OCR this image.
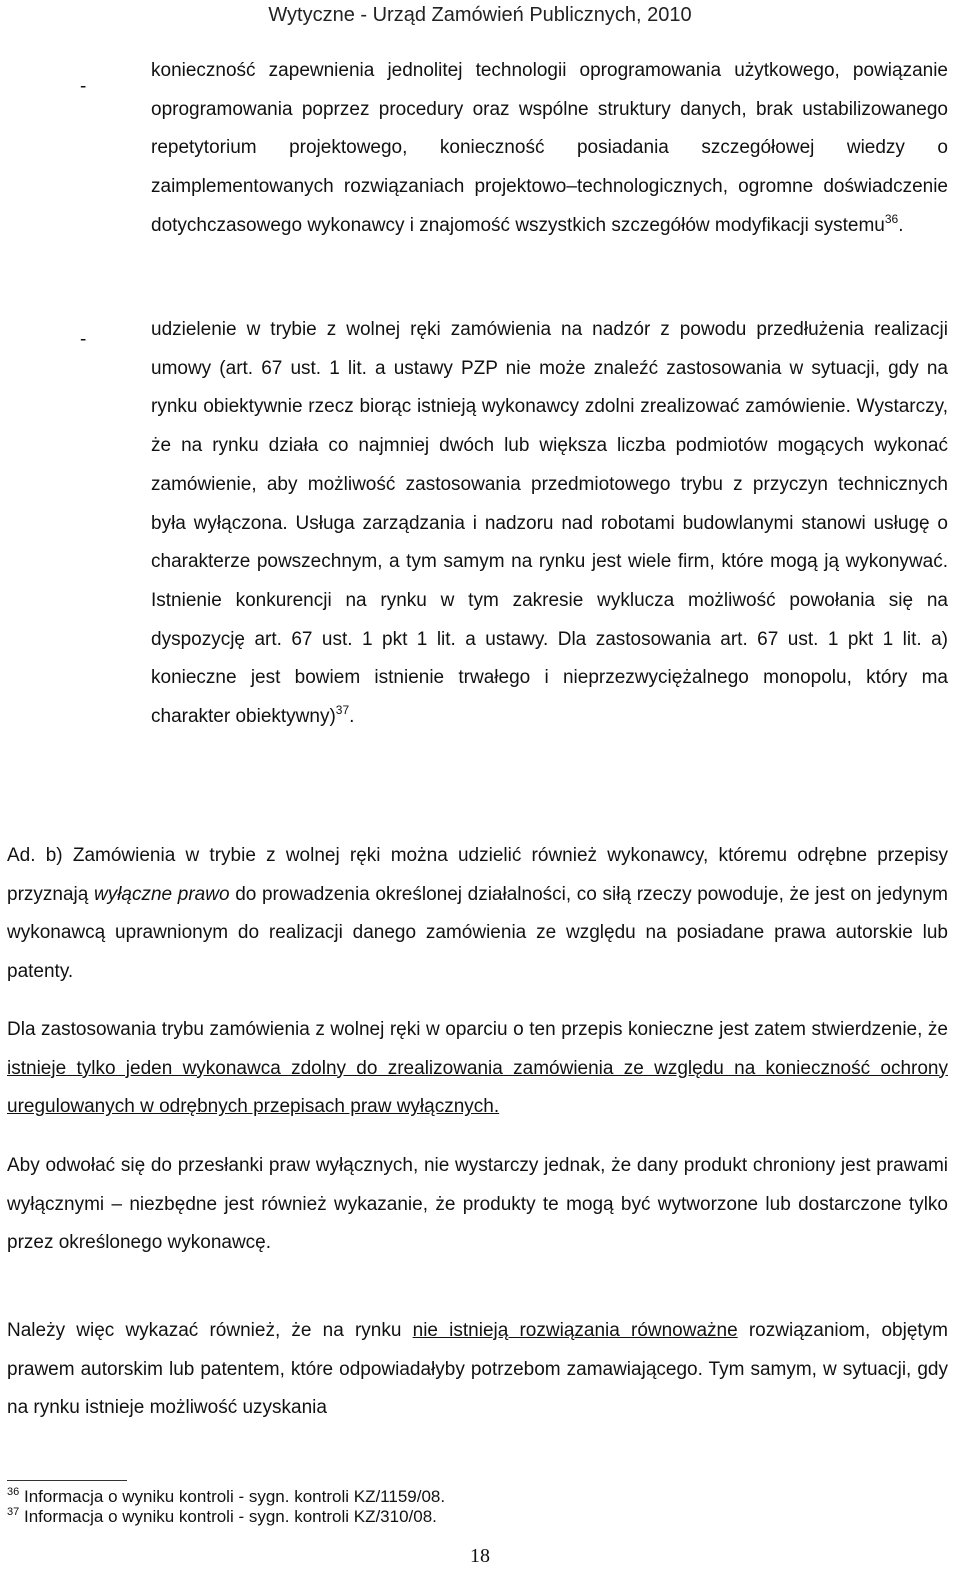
Wytyczne - Urząd Zamówień Publicznych, 2010
-

konieczność zapewnienia jednolitej technologii oprogramowania użytkowego, powiązanie oprogramowania poprzez procedury oraz wspólne struktury danych, brak ustabilizowanego repetytorium projektowego, konieczność posiadania szczegółowej wiedzy o zaimplementowanych rozwiązaniach projektowo–technologicznych, ogromne doświadczenie dotychczasowego wykonawcy i znajomość wszystkich szczegółów modyfikacji systemu$^{36}$.

-	udzielenie w trybie z wolnej ręki zamówienia na nadzór z powodu przedłużenia realizacji umowy (art. 67 ust. 1 lit. a ustawy PZP nie może znaleźć zastosowania w sytuacji, gdy na rynku obiektywnie rzecz biorąc istnieją wykonawcy zdolni zrealizować zamówienie. Wystarczy, że na rynku działa co najmniej dwóch lub większa liczba podmiotów mogących wykonać zamówienie, aby możliwość zastosowania przedmiotowego trybu z przyczyn technicznych była wyłączona. Usługa zarządzania i nadzoru nad robotami budowlanymi stanowi usługę o charakterze powszechnym, a tym samym na rynku jest wiele firm, które mogą ją wykonywać. Istnienie konkurencji na rynku w tym zakresie wyklucza możliwość powołania się na dyspozycję art. 67 ust. 1 pkt 1 lit. a ustawy. Dla zastosowania art. 67 ust. 1 pkt 1 lit. a) konieczne jest bowiem istnienie trwałego i nieprzezwyciężalnego monopolu, który ma charakter obiektywny)$^{37}$.

Ad. b) Zamówienia w trybie z wolnej ręki można udzielić również wykonawcy, któremu odrębne przepisy przyznają wyłączne prawo do prowadzenia określonej działalności, co siłą rzeczy powoduje, że jest on jedynym wykonawcą uprawnionym do realizacji danego zamówienia ze względu na posiadane prawa autorskie lub patenty.

Dla zastosowania trybu zamówienia z wolnej ręki w oparciu o ten przepis konieczne jest zatem stwierdzenie, że istnieje tylko jeden wykonawca zdolny do zrealizowania zamówienia ze względu na konieczność ochrony uregulowanych w odrębnych przepisach praw wyłącznych.

Aby odwołać się do przesłanki praw wyłącznych, nie wystarczy jednak, że dany produkt chroniony jest prawami wyłącznymi – niezbędne jest również wykazanie, że produkty te mogą być wytworzone lub dostarczone tylko przez określonego wykonawcę.

Należy więc wykazać również, że na rynku nie istnieją rozwiązania równoważne rozwiązaniom, objętym prawem autorskim lub patentem, które odpowiadałyby potrzebom zamawiającego. Tym samym, w sytuacji, gdy na rynku istnieje możliwość uzyskania

$^{36}$ Informacja o wyniku kontroli - sygn. kontroli KZ/1159/08.
$^{37}$ Informacja o wyniku kontroli - sygn. kontroli KZ/310/08.
18
